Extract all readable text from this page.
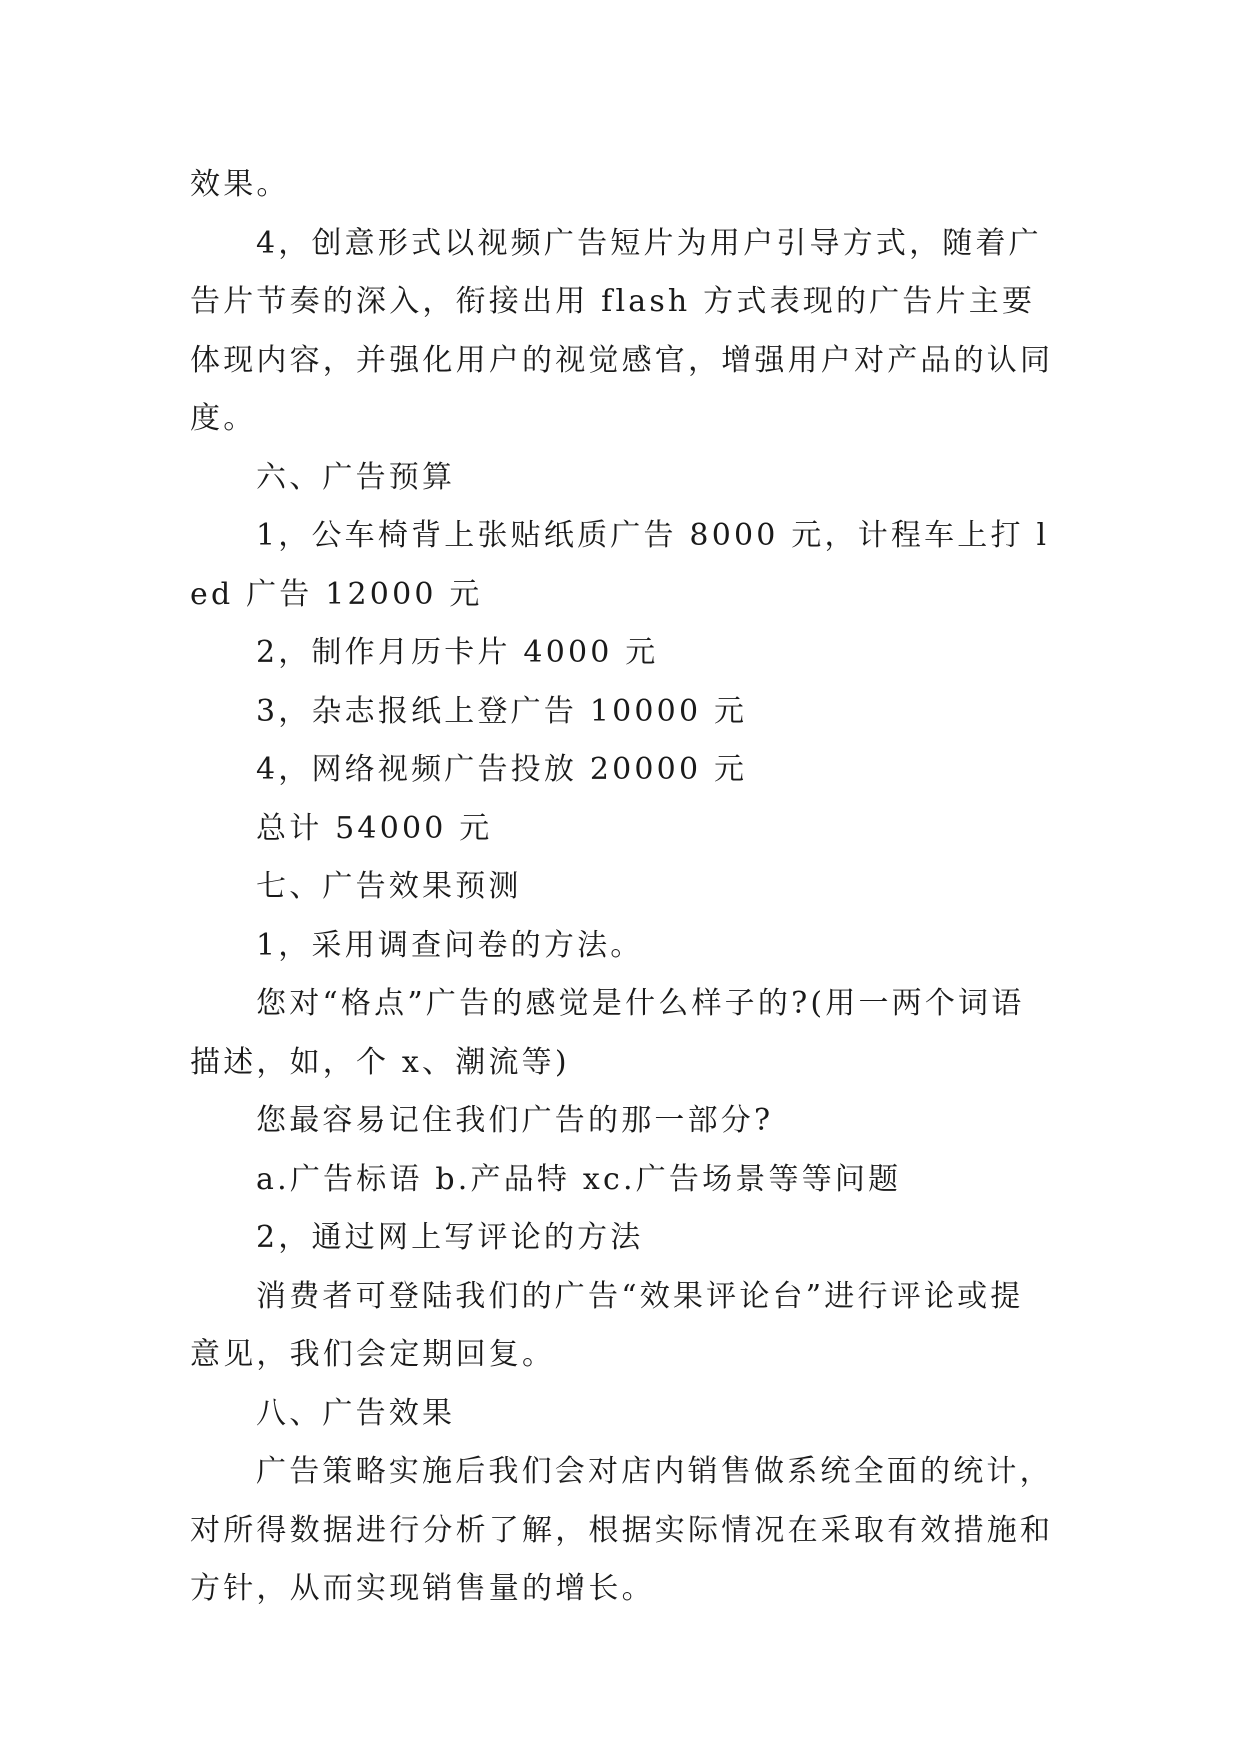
效果。

4，创意形式以视频广告短片为用户引导方式，随着广告片节奏的深入，衔接出用 flash 方式表现的广告片主要体现内容，并强化用户的视觉感官，增强用户对产品的认同度。

六、广告预算

1，公车椅背上张贴纸质广告 8000 元，计程车上打 led 广告 12000 元

2，制作月历卡片 4000 元

3，杂志报纸上登广告 10000 元

4，网络视频广告投放 20000 元

总计 54000 元

七、广告效果预测

1，采用调查问卷的方法。

您对“格点”广告的感觉是什么样子的?(用一两个词语描述，如，个 x、潮流等)

您最容易记住我们广告的那一部分?

a.广告标语 b.产品特 xc.广告场景等等问题

2，通过网上写评论的方法

消费者可登陆我们的广告“效果评论台”进行评论或提意见，我们会定期回复。

八、广告效果

广告策略实施后我们会对店内销售做系统全面的统计，对所得数据进行分析了解，根据实际情况在采取有效措施和方针，从而实现销售量的增长。
